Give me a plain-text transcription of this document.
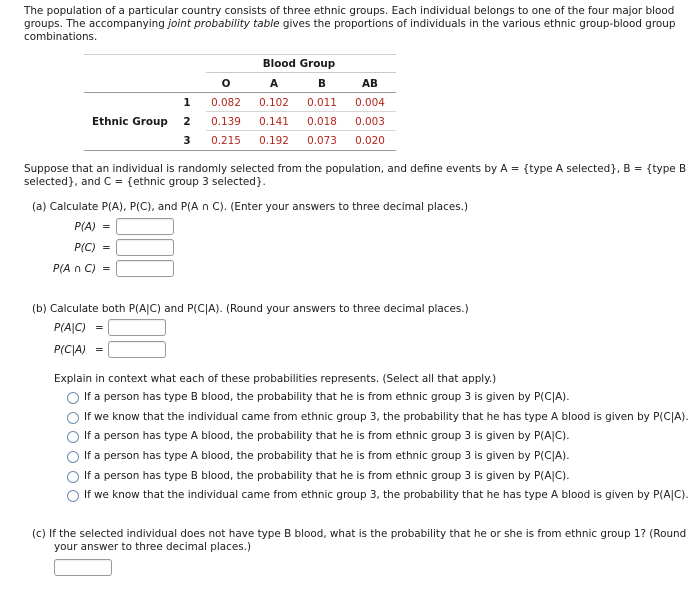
The population of a particular country consists of three ethnic groups. Each individual belongs to one of the four major blood
groups. The accompanying joint probability table gives the proportions of individuals in the various ethnic group-blood group
combinations.
Blood Group
O	A	B	AB
Ethnic Group
1	0.082	0.102	0.011	0.004
2	0.139	0.141	0.018	0.003
3	0.215	0.192	0.073	0.020
Suppose that an individual is randomly selected from the population, and define events by A = {type A selected}, B = {type B
selected}, and C = {ethnic group 3 selected}.
(a) Calculate P(A), P(C), and P(A ∩ C). (Enter your answers to three decimal places.)
P(A) =
P(C) =
P(A ∩ C) =
(b) Calculate both P(A|C) and P(C|A). (Round your answers to three decimal places.)
P(A|C) =
P(C|A) =
Explain in context what each of these probabilities represents. (Select all that apply.)
If a person has type B blood, the probability that he is from ethnic group 3 is given by P(C|A).
If we know that the individual came from ethnic group 3, the probability that he has type A blood is given by P(C|A).
If a person has type A blood, the probability that he is from ethnic group 3 is given by P(A|C).
If a person has type A blood, the probability that he is from ethnic group 3 is given by P(C|A).
If a person has type B blood, the probability that he is from ethnic group 3 is given by P(A|C).
If we know that the individual came from ethnic group 3, the probability that he has type A blood is given by P(A|C).
(c) If the selected individual does not have type B blood, what is the probability that he or she is from ethnic group 1? (Round
your answer to three decimal places.)
